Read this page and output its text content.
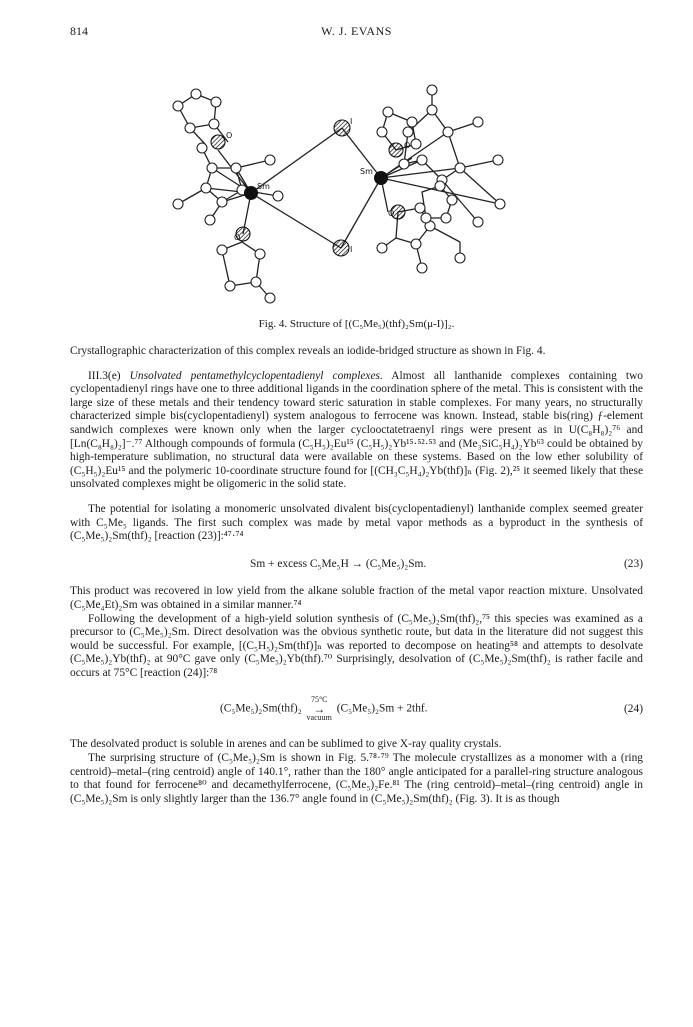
814	W. J. EVANS
Sm
Sm
I
I
O
O
O
O
Fig. 4. Structure of [(C₅Me₅)(thf)₂Sm(μ-I)]₂.

Crystallographic characterization of this complex reveals an iodide-bridged structure as shown in Fig. 4.

III.3(e) Unsolvated pentamethylcyclopentadienyl complexes. Almost all lanthanide complexes containing two cyclopentadienyl rings have one to three additional ligands in the coordination sphere of the metal. This is consistent with the large size of these metals and their tendency toward steric saturation in stable complexes. For many years, no structurally characterized simple bis(cyclopentadienyl) system analogous to ferrocene was known. Instead, stable bis(ring) ƒ-element sandwich complexes were known only when the larger cyclooctatetraenyl rings were present as in U(C₈H₈)₂⁷⁶ and [Ln(C₈H₈)₂]⁻.⁷⁷ Although compounds of formula (C₅H₅)₂Eu¹⁵ (C₅H₅)₂Yb¹⁵·⁵²·⁵³ and (Me₃SiC₅H₄)₂Yb⁶³ could be obtained by high-temperature sublimation, no structural data were available on these systems. Based on the low ether solubility of (C₅H₅)₂Eu¹⁵ and the polymeric 10-coordinate structure found for [(CH₃C₅H₄)₂Yb(thf)]ₙ (Fig. 2),²⁵ it seemed likely that these unsolvated complexes might be oligomeric in the solid state.

The potential for isolating a monomeric unsolvated divalent bis(cyclopentadienyl) lanthanide complex seemed greater with C₅Me₅ ligands. The first such complex was made by metal vapor methods as a byproduct in the synthesis of (C₅Me₅)₂Sm(thf)₂ [reaction (23)]:⁴⁷·⁷⁴

Sm + excess C₅Me₅H → (C₅Me₅)₂Sm.	(23)

This product was recovered in low yield from the alkane soluble fraction of the metal vapor reaction mixture. Unsolvated (C₅Me₄Et)₂Sm was obtained in a similar manner.⁷⁴

Following the development of a high-yield solution synthesis of (C₅Me₅)₂Sm(thf)₂,⁷⁵ this species was examined as a precursor to (C₅Me₅)₂Sm. Direct desolvation was the obvious synthetic route, but data in the literature did not suggest this would be successful. For example, [(C₅H₅)₂Sm(thf)]ₙ was reported to decompose on heating⁵⁸ and attempts to desolvate (C₅Me₅)₂Yb(thf)₂ at 90°C gave only (C₅Me₅)₂Yb(thf).⁷⁰ Surprisingly, desolvation of (C₅Me₅)₂Sm(thf)₂ is rather facile and occurs at 75°C [reaction (24)]:⁷⁸

(C₅Me₅)₂Sm(thf)₂ 75°C
→
vacuum (C₅Me₅)₂Sm + 2thf.	(24)

The desolvated product is soluble in arenes and can be sublimed to give X-ray quality crystals.

The surprising structure of (C₅Me₅)₂Sm is shown in Fig. 5.⁷⁸·⁷⁹ The molecule crystallizes as a monomer with a (ring centroid)–metal–(ring centroid) angle of 140.1°, rather than the 180° angle anticipated for a parallel-ring structure analogous to that found for ferrocene⁸⁰ and decamethylferrocene, (C₅Me₅)₂Fe.⁸¹ The (ring centroid)–metal–(ring centroid) angle in (C₅Me₅)₂Sm is only slightly larger than the 136.7° angle found in (C₅Me₅)₂Sm(thf)₂ (Fig. 3). It is as though
